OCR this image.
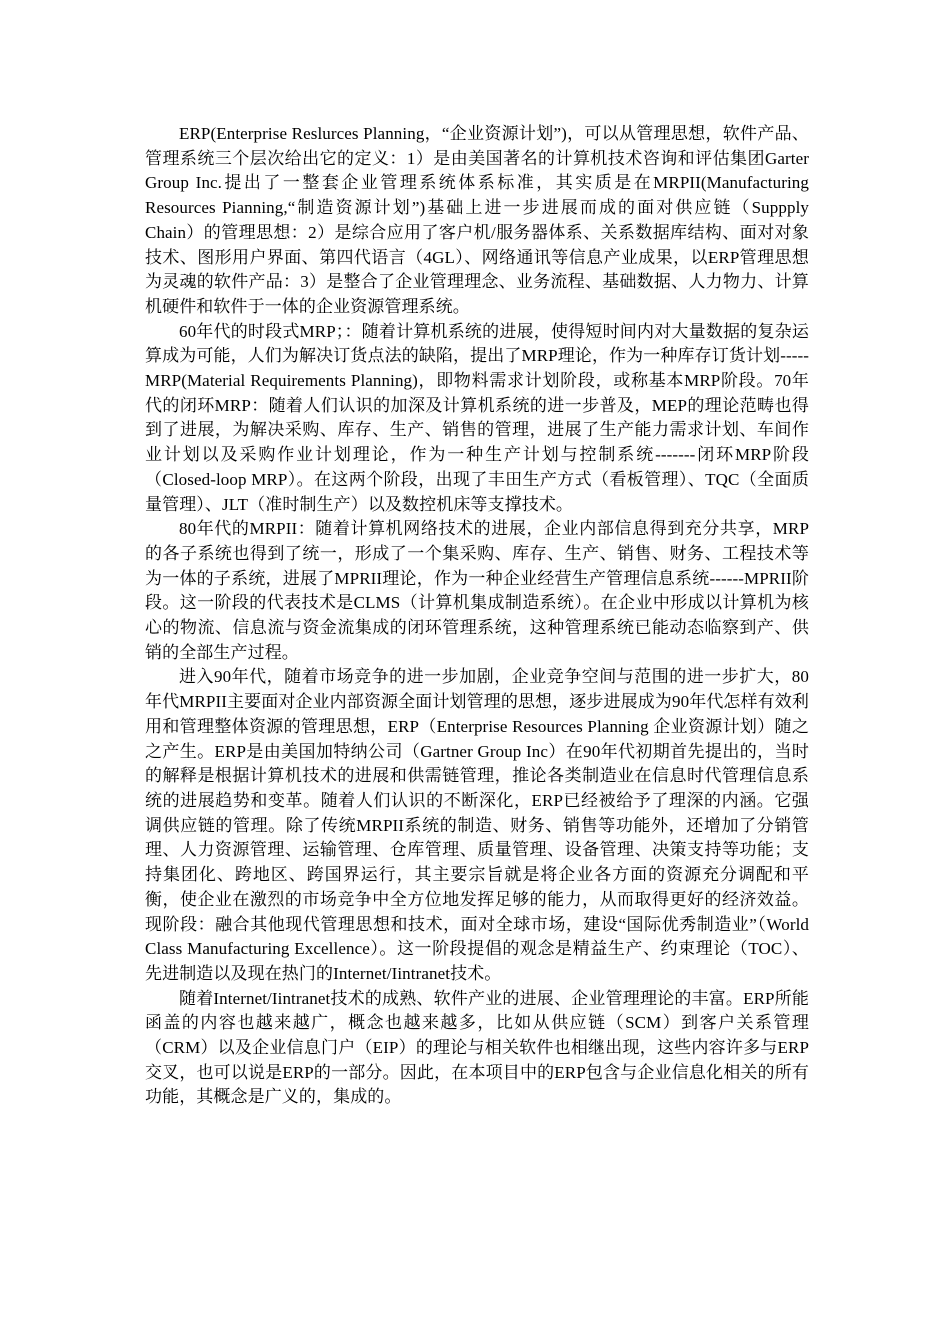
ERP(Enterprise Reslurces Planning，“企业资源计划”)，可以从管理思想，软件产品、管理系统三个层次给出它的定义：1）是由美国著名的计算机技术咨询和评估集团Garter Group Inc.提出了一整套企业管理系统体系标准，其实质是在MRPII(Manufacturing Resources Pianning,“制造资源计划”)基础上进一步进展而成的面对供应链（Suppply Chain）的管理思想：2）是综合应用了客户机/服务器体系、关系数据库结构、面对对象技术、图形用户界面、第四代语言（4GL）、网络通讯等信息产业成果，以ERP管理思想为灵魂的软件产品：3）是整合了企业管理理念、业务流程、基础数据、人力物力、计算机硬件和软件于一体的企业资源管理系统。

60年代的时段式MRP；：随着计算机系统的进展，使得短时间内对大量数据的复杂运算成为可能，人们为解决订货点法的缺陷，提出了MRP理论，作为一种库存订货计划-----MRP(Material Requirements Planning)，即物料需求计划阶段，或称基本MRP阶段。70年代的闭环MRP：随着人们认识的加深及计算机系统的进一步普及，MEP的理论范畴也得到了进展，为解决采购、库存、生产、销售的管理，进展了生产能力需求计划、车间作业计划以及采购作业计划理论，作为一种生产计划与控制系统-------闭环MRP阶段（Closed-loop MRP）。在这两个阶段，出现了丰田生产方式（看板管理）、TQC（全面质量管理）、JLT（准时制生产）以及数控机床等支撑技术。

80年代的MRPII：随着计算机网络技术的进展，企业内部信息得到充分共享，MRP的各子系统也得到了统一，形成了一个集采购、库存、生产、销售、财务、工程技术等为一体的子系统，进展了MPRII理论，作为一种企业经营生产管理信息系统------MPRII阶段。这一阶段的代表技术是CLMS（计算机集成制造系统）。在企业中形成以计算机为核心的物流、信息流与资金流集成的闭环管理系统，这种管理系统已能动态临察到产、供销的全部生产过程。

进入90年代，随着市场竞争的进一步加剧，企业竞争空间与范围的进一步扩大，80年代MRPII主要面对企业内部资源全面计划管理的思想，逐步进展成为90年代怎样有效利用和管理整体资源的管理思想，ERP（Enterprise Resources Planning 企业资源计划）随之之产生。ERP是由美国加特纳公司（Gartner Group Inc）在90年代初期首先提出的，当时的解释是根据计算机技术的进展和供需链管理，推论各类制造业在信息时代管理信息系统的进展趋势和变革。随着人们认识的不断深化，ERP已经被给予了理深的内涵。它强调供应链的管理。除了传统MRPII系统的制造、财务、销售等功能外，还增加了分销管理、人力资源管理、运输管理、仓库管理、质量管理、设备管理、决策支持等功能；支持集团化、跨地区、跨国界运行，其主要宗旨就是将企业各方面的资源充分调配和平衡，使企业在激烈的市场竞争中全方位地发挥足够的能力，从而取得更好的经济效益。现阶段：融合其他现代管理思想和技术，面对全球市场，建设“国际优秀制造业”（World Class Manufacturing Excellence）。这一阶段提倡的观念是精益生产、约束理论（TOC）、先进制造以及现在热门的Internet/Iintranet技术。

随着Internet/Iintranet技术的成熟、软件产业的进展、企业管理理论的丰富。ERP所能函盖的内容也越来越广，概念也越来越多，比如从供应链（SCM）到客户关系管理（CRM）以及企业信息门户（EIP）的理论与相关软件也相继出现，这些内容许多与ERP交叉，也可以说是ERP的一部分。因此，在本项目中的ERP包含与企业信息化相关的所有功能，其概念是广义的，集成的。
